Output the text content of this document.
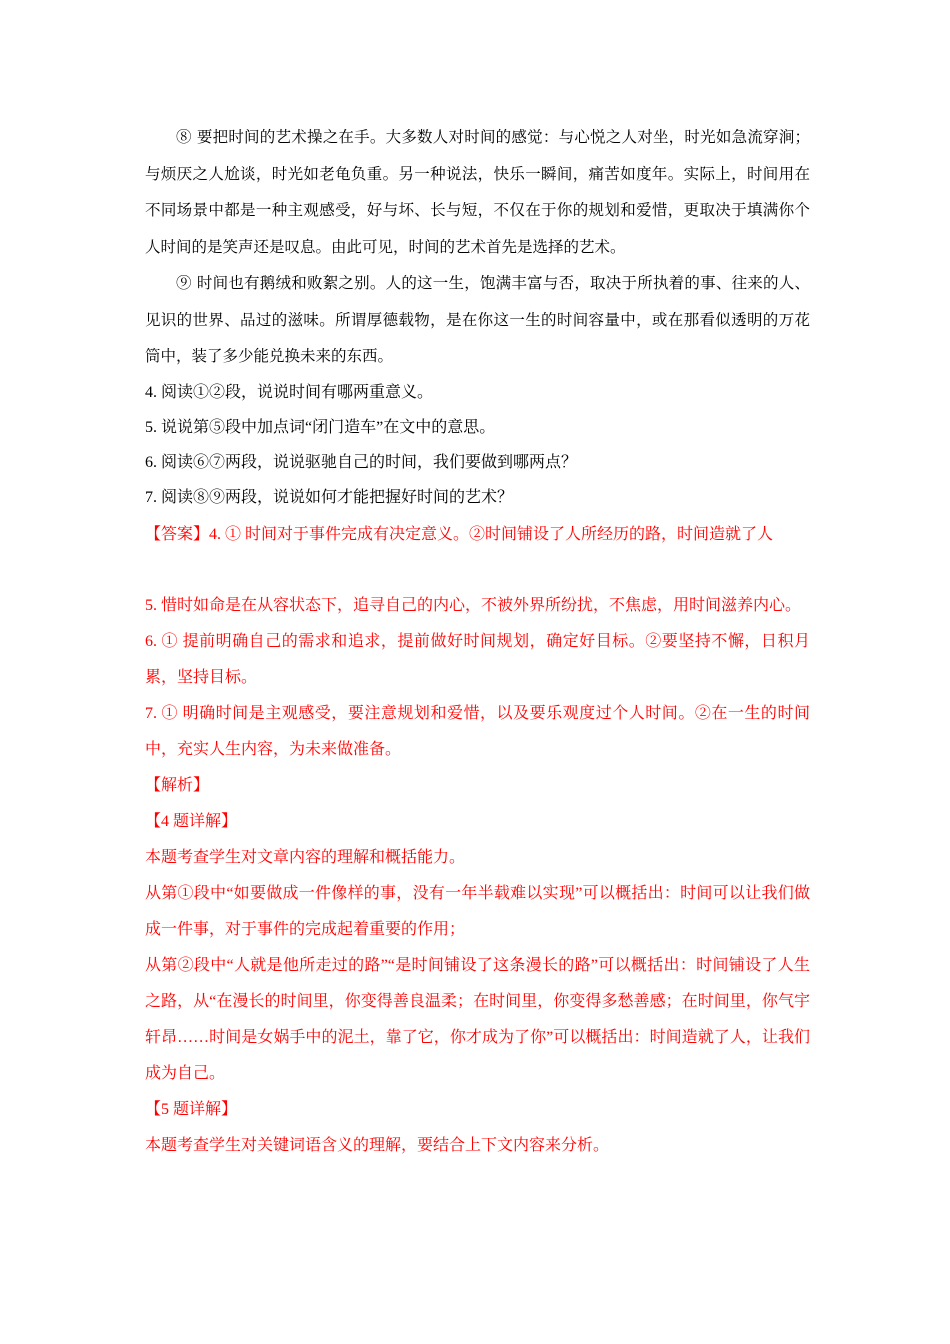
⑧ 要把时间的艺术操之在手。大多数人对时间的感觉：与心悦之人对坐，时光如急流穿涧；与烦厌之人尬谈，时光如老龟负重。另一种说法，快乐一瞬间，痛苦如度年。实际上，时间用在不同场景中都是一种主观感受，好与坏、长与短，不仅在于你的规划和爱惜，更取决于填满你个人时间的是笑声还是叹息。由此可见，时间的艺术首先是选择的艺术。

⑨ 时间也有鹅绒和败絮之别。人的这一生，饱满丰富与否，取决于所执着的事、往来的人、见识的世界、品过的滋味。所谓厚德载物，是在你这一生的时间容量中，或在那看似透明的万花筒中，装了多少能兑换未来的东西。

4. 阅读①②段，说说时间有哪两重意义。

5. 说说第⑤段中加点词“闭门造车”在文中的意思。

6. 阅读⑥⑦两段，说说驱驰自己的时间，我们要做到哪两点？

7. 阅读⑧⑨两段，说说如何才能把握好时间的艺术？

【答案】4. ① 时间对于事件完成有决定意义。②时间铺设了人所经历的路，时间造就了人

5. 惜时如命是在从容状态下，追寻自己的内心，不被外界所纷扰，不焦虑，用时间滋养内心。

6. ① 提前明确自己的需求和追求，提前做好时间规划，确定好目标。②要坚持不懈，日积月累，坚持目标。

7. ① 明确时间是主观感受，要注意规划和爱惜，以及要乐观度过个人时间。②在一生的时间中，充实人生内容，为未来做准备。

【解析】

【4 题详解】

本题考查学生对文章内容的理解和概括能力。

从第①段中“如要做成一件像样的事，没有一年半载难以实现”可以概括出：时间可以让我们做成一件事，对于事件的完成起着重要的作用；

从第②段中“人就是他所走过的路”“是时间铺设了这条漫长的路”可以概括出：时间铺设了人生之路，从“在漫长的时间里，你变得善良温柔；在时间里，你变得多愁善感；在时间里，你气宇轩昂……时间是女娲手中的泥土，靠了它，你才成为了你”可以概括出：时间造就了人，让我们成为自己。

【5 题详解】

本题考查学生对关键词语含义的理解，要结合上下文内容来分析。
